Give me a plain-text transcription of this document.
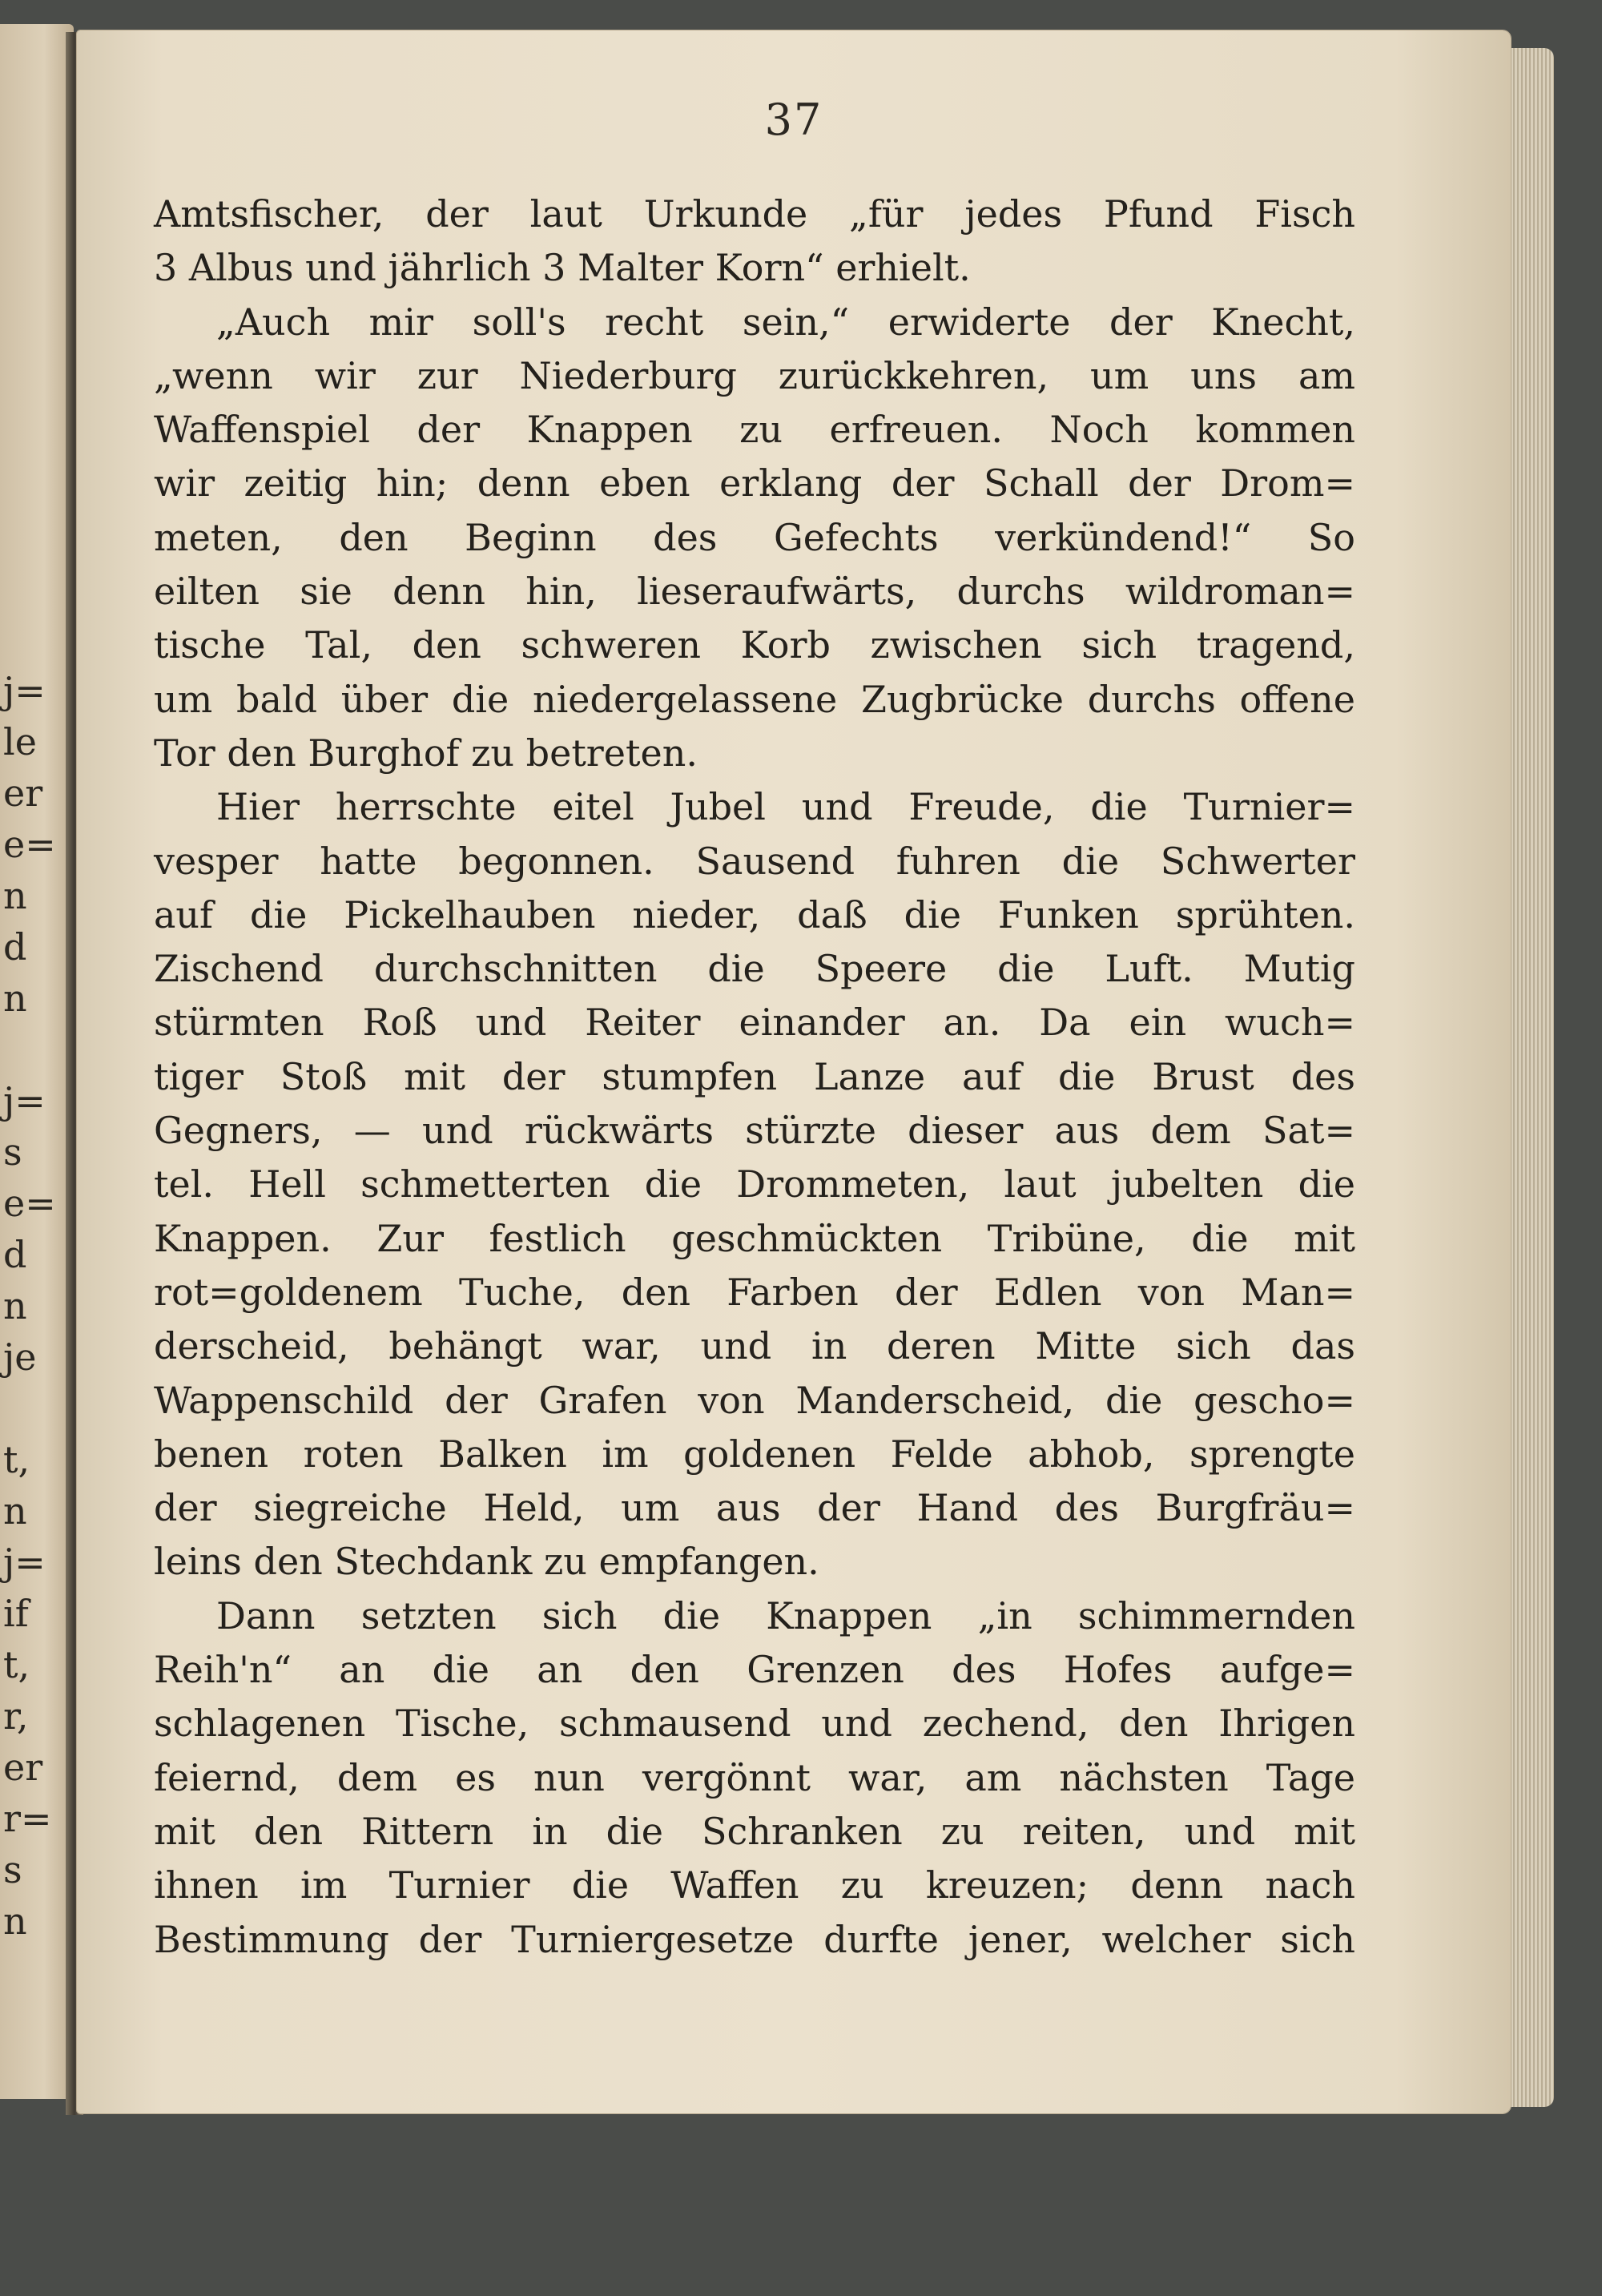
j=
le
er
e=
n
d
n
j=
s
e=
d
n
je
t,
n
j=
if
t,
r,
er
r=
s
n
37
Amtsfischer, der laut Urkunde „für jedes Pfund Fisch
3 Albus und jährlich 3 Malter Korn“ erhielt.
„Auch mir soll's recht sein,“ erwiderte der Knecht,
„wenn wir zur Niederburg zurückkehren, um uns am
Waffenspiel der Knappen zu erfreuen. Noch kommen
wir zeitig hin; denn eben erklang der Schall der Drom=
meten, den Beginn des Gefechts verkündend!“ So
eilten sie denn hin, lieseraufwärts, durchs wildroman=
tische Tal, den schweren Korb zwischen sich tragend,
um bald über die niedergelassene Zugbrücke durchs offene
Tor den Burghof zu betreten.
Hier herrschte eitel Jubel und Freude, die Turnier=
vesper hatte begonnen. Sausend fuhren die Schwerter
auf die Pickelhauben nieder, daß die Funken sprühten.
Zischend durchschnitten die Speere die Luft. Mutig
stürmten Roß und Reiter einander an. Da ein wuch=
tiger Stoß mit der stumpfen Lanze auf die Brust des
Gegners, — und rückwärts stürzte dieser aus dem Sat=
tel. Hell schmetterten die Drommeten, laut jubelten die
Knappen. Zur festlich geschmückten Tribüne, die mit
rot=goldenem Tuche, den Farben der Edlen von Man=
derscheid, behängt war, und in deren Mitte sich das
Wappenschild der Grafen von Manderscheid, die gescho=
benen roten Balken im goldenen Felde abhob, sprengte
der siegreiche Held, um aus der Hand des Burgfräu=
leins den Stechdank zu empfangen.
Dann setzten sich die Knappen „in schimmernden
Reih'n“ an die an den Grenzen des Hofes aufge=
schlagenen Tische, schmausend und zechend, den Ihrigen
feiernd, dem es nun vergönnt war, am nächsten Tage
mit den Rittern in die Schranken zu reiten, und mit
ihnen im Turnier die Waffen zu kreuzen; denn nach
Bestimmung der Turniergesetze durfte jener, welcher sich
